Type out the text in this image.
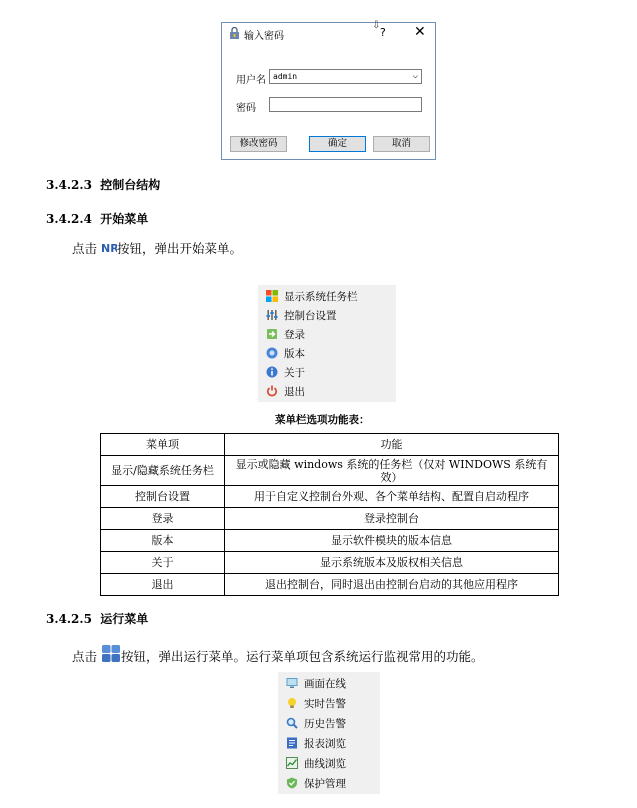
输入密码
⇩
? ✕
用户名 admin	⌵
密码
修改密码	确定	取消
3.4.2.3 控制台结构
3.4.2.4 开始菜单
点击 NR
按钮，弹出开始菜单。
显示系统任务栏
控制台设置
登录
版本
关于
退出
菜单栏选项功能表：
菜单项	功能
显示/隐藏系统任务栏	显示或隐藏 windows 系统的任务栏（仅对 WINDOWS 系统有效）
控制台设置	用于自定义控制台外观、各个菜单结构、配置自启动程序
登录	登录控制台
版本	显示软件模块的版本信息
关于	显示系统版本及版权相关信息
退出	退出控制台，同时退出由控制台启动的其他应用程序
3.4.2.5 运行菜单
点击 按钮，弹出运行菜单。运行菜单项包含系统运行监视常用的功能。
画面在线
实时告警
历史告警
报表浏览
曲线浏览
保护管理
